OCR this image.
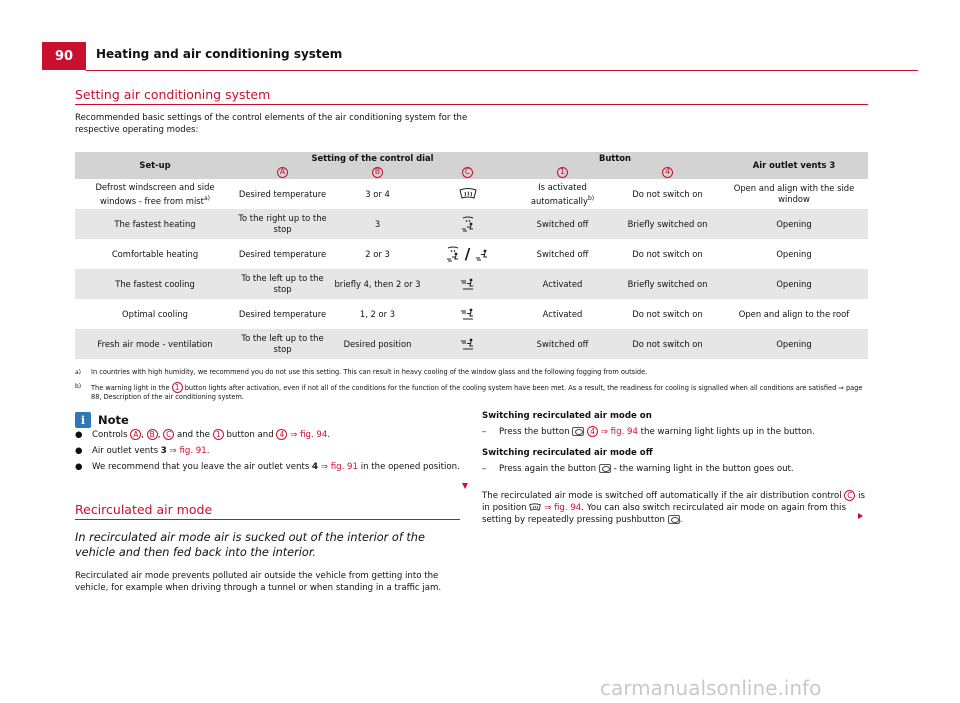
90	Heating and air conditioning system
Setting air conditioning system
Recommended basic settings of the control elements of the air conditioning system for the respective operating modes:
Set-up	Setting of the control dial			Button		Air outlet vents 3
	A	B	C	1	4	
Defrost windscreen and side windows - free from mist$^{a)}$	Desired temperature	3 or 4		Is activated automatically$^{b)}$	Do not switch on	Open and align with the side window
The fastest heating	To the right up to the stop	3		Switched off	Briefly switched on	Opening
Comfortable heating	Desired temperature	2 or 3	/	Switched off	Do not switch on	Opening
The fastest cooling	To the left up to the stop	briefly 4, then 2 or 3		Activated	Briefly switched on	Opening
Optimal cooling	Desired temperature	1, 2 or 3		Activated	Do not switch on	Open and align to the roof
Fresh air mode - ventilation	To the left up to the stop	Desired position		Switched off	Do not switch on	Opening
a) In countries with high humidity, we recommend you do not use this setting. This can result in heavy cooling of the window glass and the following fogging from outside.
b) The warning light in the 1 button lights after activation, even if not all of the conditions for the function of the cooling system have been met. As a result, the readiness for cooling is signalled when all conditions are satisfied ⇒ page 88, Description of the air conditioning system.
i	Note
● Controls A , B , C and the 1 button and 4 ⇒ fig. 94.
● Air outlet vents 3 ⇒ fig. 91.
●	We recommend that you leave the air outlet vents 4 ⇒ fig. 91 in the opened position.
Recirculated air mode
In recirculated air mode air is sucked out of the interior of the vehicle and then fed back into the interior.
Recirculated air mode prevents polluted air outside the vehicle from getting into the vehicle, for example when driving through a tunnel or when standing in a traffic jam.
Switching recirculated air mode on
– Press the button	4 ⇒ fig. 94 the warning light lights up in the button.
Switching recirculated air mode off
– Press again the button - the warning light in the button goes out.
The recirculated air mode is switched off automatically if the air distribution control C is in position ⇒ fig. 94. You can also switch recirculated air mode on again from this setting by repeatedly pressing pushbutton .
carmanualsonline.info
